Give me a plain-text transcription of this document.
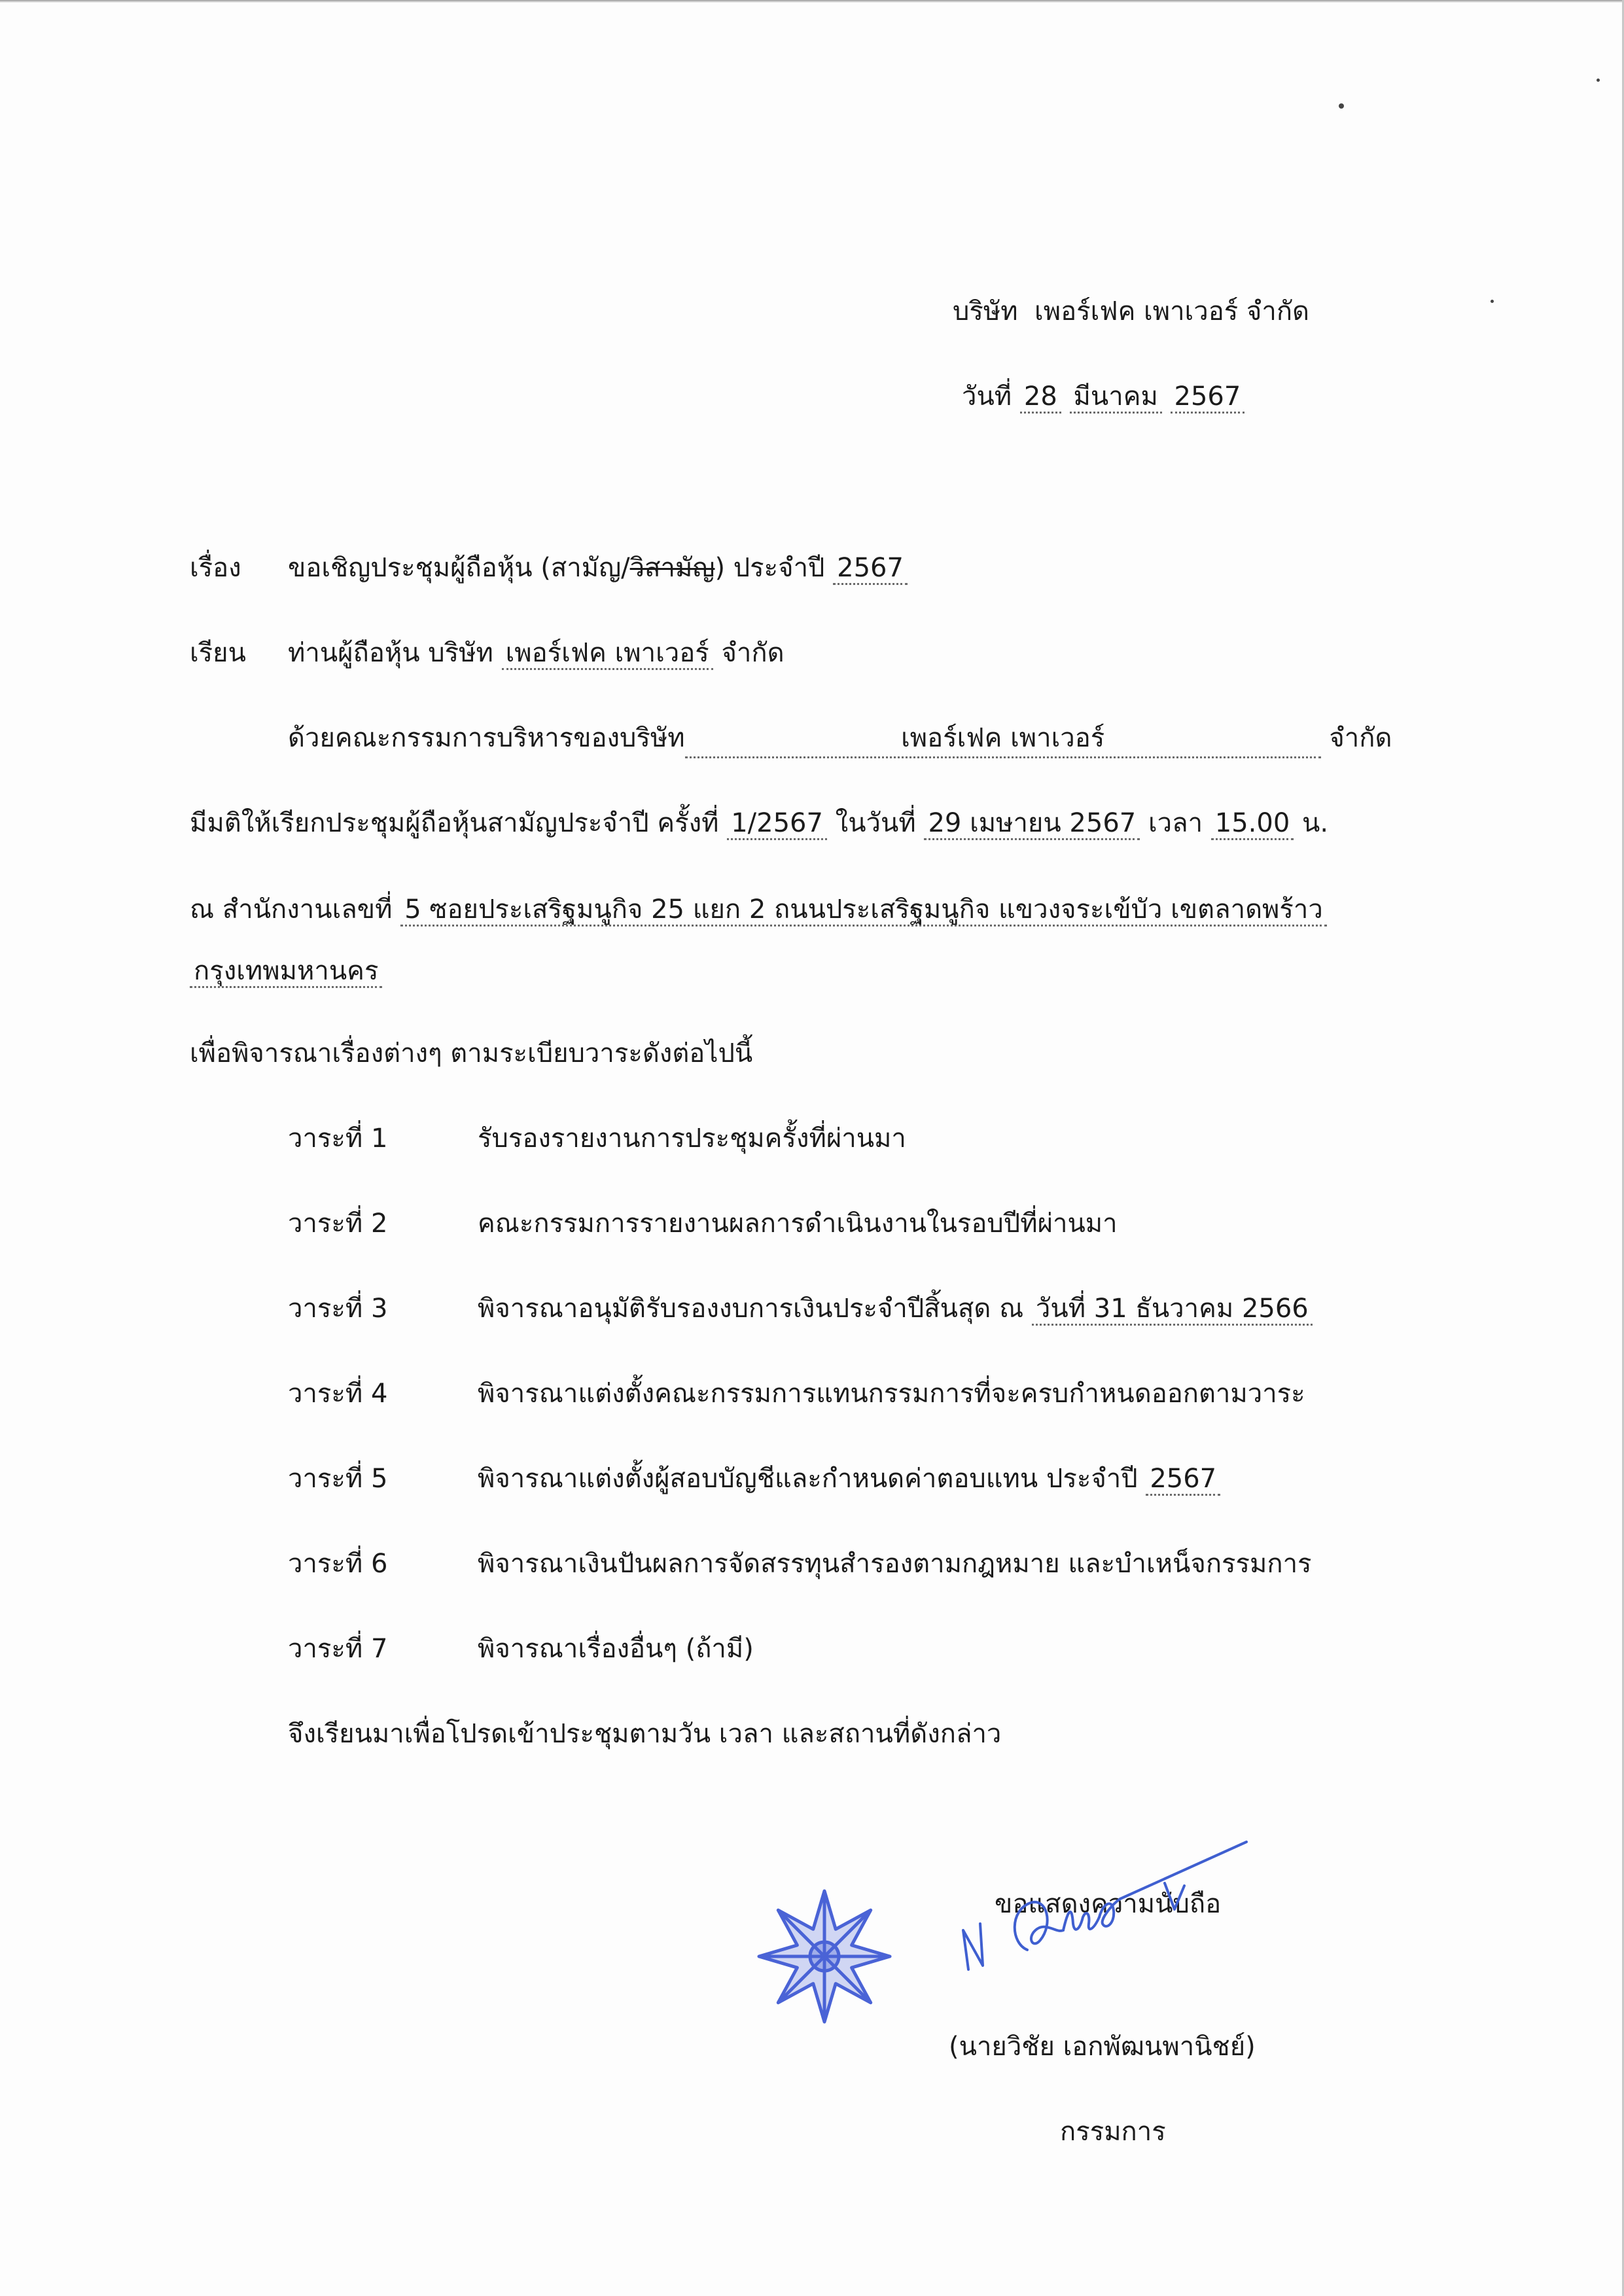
บริษัท เพอร์เฟค เพาเวอร์ จำกัด
วันที่ 28 มีนาคม 2567
เรื่อง ขอเชิญประชุมผู้ถือหุ้น (สามัญ/วิสามัญ) ประจำปี 2567
เรียน ท่านผู้ถือหุ้น บริษัท เพอร์เฟค เพาเวอร์ จำกัด
ด้วยคณะกรรมการบริหารของบริษัท	เพอร์เฟค เพาเวอร์	จำกัด
มีมติให้เรียกประชุมผู้ถือหุ้นสามัญประจำปี ครั้งที่ 1/2567 ในวันที่ 29 เมษายน 2567 เวลา 15.00 น.
ณ สำนักงานเลขที่ 5 ซอยประเสริฐมนูกิจ 25 แยก 2 ถนนประเสริฐมนูกิจ แขวงจระเข้บัว เขตลาดพร้าว
กรุงเทพมหานคร
เพื่อพิจารณาเรื่องต่างๆ ตามระเบียบวาระดังต่อไปนี้
วาระที่ 1	รับรองรายงานการประชุมครั้งที่ผ่านมา
วาระที่ 2	คณะกรรมการรายงานผลการดำเนินงานในรอบปีที่ผ่านมา
วาระที่ 3	พิจารณาอนุมัติรับรองงบการเงินประจำปีสิ้นสุด ณ วันที่ 31 ธันวาคม 2566
วาระที่ 4	พิจารณาแต่งตั้งคณะกรรมการแทนกรรมการที่จะครบกำหนดออกตามวาระ
วาระที่ 5	พิจารณาแต่งตั้งผู้สอบบัญชีและกำหนดค่าตอบแทน ประจำปี 2567
วาระที่ 6	พิจารณาเงินปันผลการจัดสรรทุนสำรองตามกฎหมาย และบำเหน็จกรรมการ
วาระที่ 7	พิจารณาเรื่องอื่นๆ (ถ้ามี)
จึงเรียนมาเพื่อโปรดเข้าประชุมตามวัน เวลา และสถานที่ดังกล่าว
ขอแสดงความนับถือ
(นายวิชัย เอกพัฒนพานิชย์)
กรรมการ
